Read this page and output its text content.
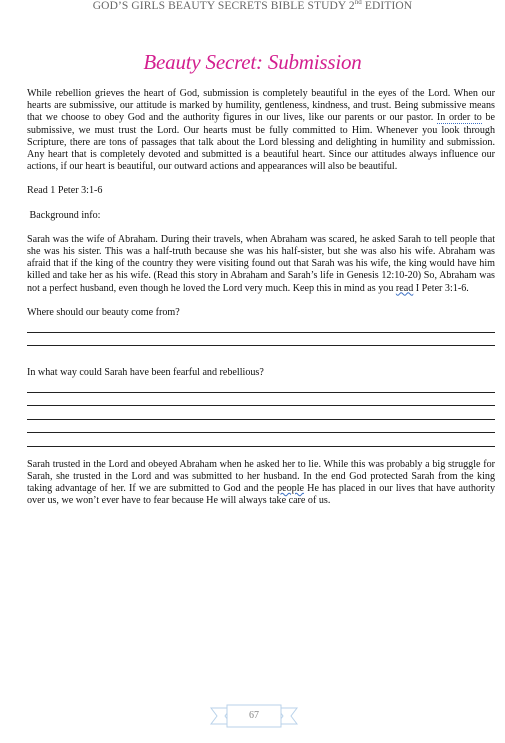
GOD’S GIRLS BEAUTY SECRETS BIBLE STUDY 2nd EDITION
Beauty Secret: Submission

While rebellion grieves the heart of God, submission is completely beautiful in the eyes of the Lord. When our hearts are submissive, our attitude is marked by humility, gentleness, kindness, and trust. Being submissive means that we choose to obey God and the authority figures in our lives, like our parents or our pastor. In order to be submissive, we must trust the Lord. Our hearts must be fully committed to Him. Whenever you look through Scripture, there are tons of passages that talk about the Lord blessing and delighting in humility and submission. Any heart that is completely devoted and submitted is a beautiful heart. Since our attitudes always influence our actions, if our heart is beautiful, our outward actions and appearances will also be beautiful.

Read 1 Peter 3:1-6

Background info:

Sarah was the wife of Abraham. During their travels, when Abraham was scared, he asked Sarah to tell people that she was his sister. This was a half-truth because she was his half-sister, but she was also his wife. Abraham was afraid that if the king of the country they were visiting found out that Sarah was his wife, the king would have him killed and take her as his wife. (Read this story in Abraham and Sarah’s life in Genesis 12:10-20) So, Abraham was not a perfect husband, even though he loved the Lord very much. Keep this in mind as you read I Peter 3:1-6.

Where should our beauty come from?

In what way could Sarah have been fearful and rebellious?

Sarah trusted in the Lord and obeyed Abraham when he asked her to lie. While this was probably a big struggle for Sarah, she trusted in the Lord and was submitted to her husband. In the end God protected Sarah from the king taking advantage of her. If we are submitted to God and the people He has placed in our lives that have authority over us, we won’t ever have to fear because He will always take care of us.

67
